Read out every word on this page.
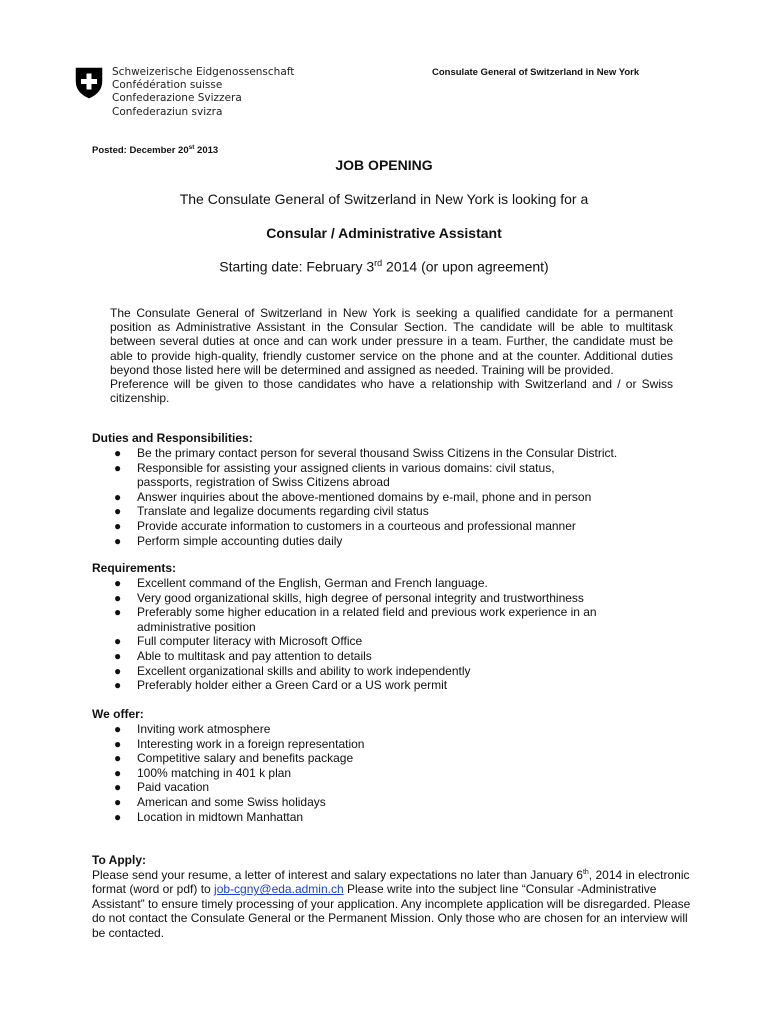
Schweizerische Eidgenossenschaft
Confédération suisse
Confederazione Svizzera
Confederaziun svizra
Consulate General of Switzerland in New York
Posted: December 20st 2013
JOB OPENING
The Consulate General of Switzerland in New York is looking for a
Consular / Administrative Assistant
Starting date: February 3rd 2014 (or upon agreement)

The Consulate General of Switzerland in New York is seeking a qualified candidate for a permanent position as Administrative Assistant in the Consular Section. The candidate will be able to multitask between several duties at once and can work under pressure in a team. Further, the candidate must be able to provide high-quality, friendly customer service on the phone and at the counter. Additional duties beyond those listed here will be determined and assigned as needed. Training will be provided.

Preference will be given to those candidates who have a relationship with Switzerland and / or Swiss citizenship.

Duties and Responsibilities:
● Be the primary contact person for several thousand Swiss Citizens in the Consular District.
● Responsible for assisting your assigned clients in various domains: civil status, passports, registration of Swiss Citizens abroad
● Answer inquiries about the above-mentioned domains by e-mail, phone and in person
● Translate and legalize documents regarding civil status
● Provide accurate information to customers in a courteous and professional manner
● Perform simple accounting duties daily
Requirements:
● Excellent command of the English, German and French language.
● Very good organizational skills, high degree of personal integrity and trustworthiness
● Preferably some higher education in a related field and previous work experience in an administrative position
● Full computer literacy with Microsoft Office
● Able to multitask and pay attention to details
● Excellent organizational skills and ability to work independently
● Preferably holder either a Green Card or a US work permit
We offer:
● Inviting work atmosphere
● Interesting work in a foreign representation
● Competitive salary and benefits package
● 100% matching in 401 k plan
● Paid vacation
● American and some Swiss holidays
● Location in midtown Manhattan
To Apply:

Please send your resume, a letter of interest and salary expectations no later than January 6th, 2014 in electronic format (word or pdf) to job-cgny@eda.admin.ch Please write into the subject line “Consular -Administrative Assistant” to ensure timely processing of your application. Any incomplete application will be disregarded. Please do not contact the Consulate General or the Permanent Mission. Only those who are chosen for an interview will be contacted.
